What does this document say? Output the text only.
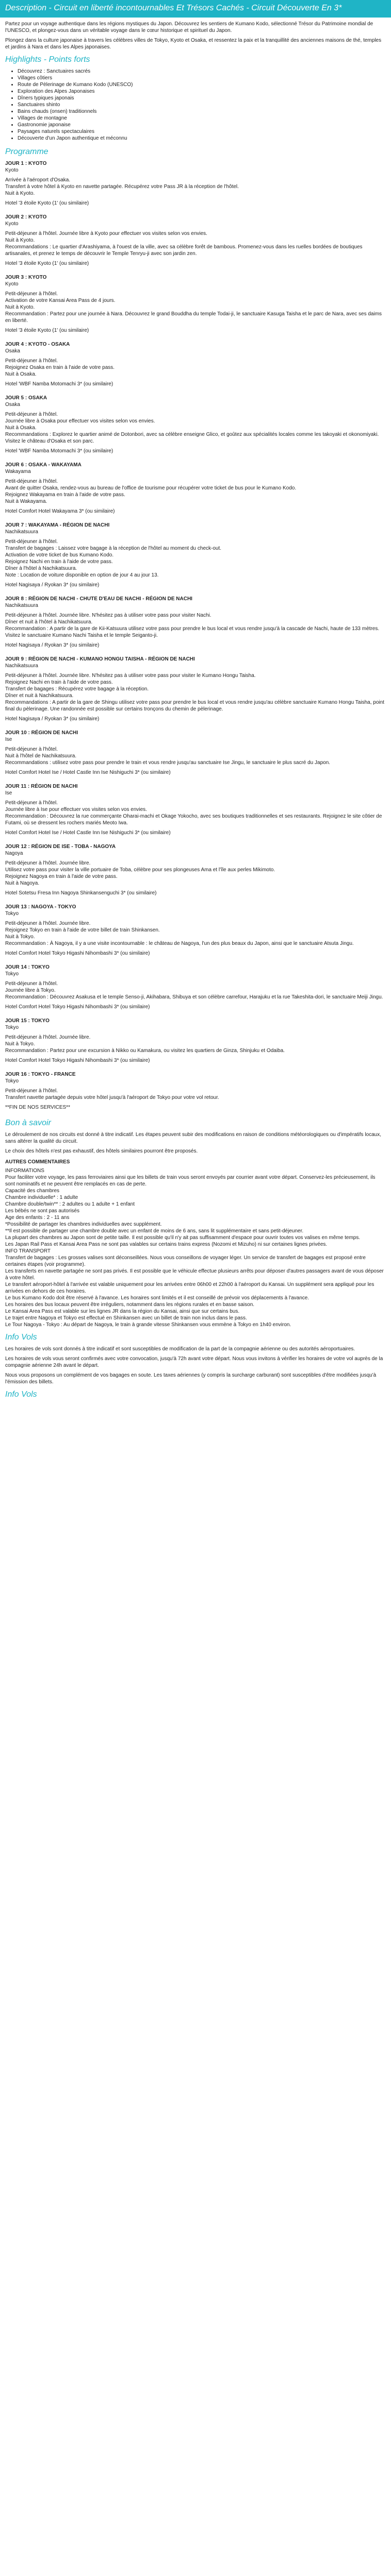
Description - Circuit en liberté incontournables Et Trésors Cachés - Circuit Découverte En 3*

Partez pour un voyage authentique dans les régions mystiques du Japon. Découvrez les sentiers de Kumano Kodo, sélectionné Trésor du Patrimoine mondial de l'UNESCO, et plongez-vous dans un véritable voyage dans le cœur historique et spirituel du Japon.

Plongez dans la culture japonaise à travers les célèbres villes de Tokyo, Kyoto et Osaka, et ressentez la paix et la tranquillité des anciennes maisons de thé, temples et jardins à Nara et dans les Alpes japonaises.

Highlights - Points forts
• Découvrez : Sanctuaires sacrés
• Villages côtiers
• Route de Pèlerinage de Kumano Kodo (UNESCO)
• Exploration des Alpes Japonaises
• Dîners typiques japonais
• Sanctuaires shinto
• Bains chauds (onsen) traditionnels
• Villages de montagne
• Gastronomie japonaise
• Paysages naturels spectaculaires
• Découverte d'un Japon authentique et méconnu
Programme

JOUR 1 : KYOTO

Kyoto

Arrivée à l'aéroport d'Osaka.

Transfert à votre hôtel à Kyoto en navette partagée. Récupérez votre Pass JR à la réception de l'hôtel.

Nuit à Kyoto.

Hotel '3 étoile Kyoto (1' (ou similaire)

JOUR 2 : KYOTO

Kyoto

Petit-déjeuner à l'hôtel. Journée libre à Kyoto pour effectuer vos visites selon vos envies.

Nuit à Kyoto.

Recommandations : Le quartier d'Arashiyama, à l'ouest de la ville, avec sa célèbre forêt de bambous. Promenez-vous dans les ruelles bordées de boutiques artisanales, et prenez le temps de découvrir le Temple Tenryu-ji avec son jardin zen.

Hotel '3 étoile Kyoto (1' (ou similaire)

JOUR 3 : KYOTO

Kyoto

Petit-déjeuner à l'hôtel.

Activation de votre Kansai Area Pass de 4 jours.

Nuit à Kyoto.

Recommandation : Partez pour une journée à Nara. Découvrez le grand Bouddha du temple Todai-ji, le sanctuaire Kasuga Taisha et le parc de Nara, avec ses daims en liberté.

Hotel '3 étoile Kyoto (1' (ou similaire)

JOUR 4 : KYOTO - OSAKA

Osaka

Petit-déjeuner à l'hôtel.

Rejoignez Osaka en train à l'aide de votre pass.

Nuit à Osaka.

Hotel 'WBF Namba Motomachi 3* (ou similaire)

JOUR 5 : OSAKA

Osaka

Petit-déjeuner à l'hôtel.

Journée libre à Osaka pour effectuer vos visites selon vos envies.

Nuit à Osaka.

Recommandations : Explorez le quartier animé de Dotonbori, avec sa célèbre enseigne Glico, et goûtez aux spécialités locales comme les takoyaki et okonomiyaki. Visitez le château d'Osaka et son parc.

Hotel 'WBF Namba Motomachi 3* (ou similaire)

JOUR 6 : OSAKA - WAKAYAMA

Wakayama

Petit-déjeuner à l'hôtel.

Avant de quitter Osaka, rendez-vous au bureau de l'office de tourisme pour récupérer votre ticket de bus pour le Kumano Kodo.

Rejoignez Wakayama en train à l'aide de votre pass.

Nuit à Wakayama.

Hotel Comfort Hotel Wakayama 3* (ou similaire)

JOUR 7 : WAKAYAMA - RÉGION DE NACHI

Nachikatsuura

Petit-déjeuner à l'hôtel.

Transfert de bagages : Laissez votre bagage à la réception de l'hôtel au moment du check-out.

Activation de votre ticket de bus Kumano Kodo.

Rejoignez Nachi en train à l'aide de votre pass.

Dîner à l'hôtel à Nachikatsuura.

Note : Location de voiture disponible en option de jour 4 au jour 13.

Hotel Nagisaya / Ryokan 3* (ou similaire)

JOUR 8 : RÉGION DE NACHI - CHUTE D'EAU DE NACHI - RÉGION DE NACHI

Nachikatsuura

Petit-déjeuner à l'hôtel. Journée libre. N'hésitez pas à utiliser votre pass pour visiter Nachi.

Dîner et nuit à l'hôtel à Nachikatsuura.

Recommandation : A partir de la gare de Kii-Katsuura utilisez votre pass pour prendre le bus local et vous rendre jusqu'à la cascade de Nachi, haute de 133 mètres. Visitez le sanctuaire Kumano Nachi Taisha et le temple Seiganto-ji.

Hotel Nagisaya / Ryokan 3* (ou similaire)

JOUR 9 : RÉGION DE NACHI - KUMANO HONGU TAISHA - RÉGION DE NACHI

Nachikatsuura

Petit-déjeuner à l'hôtel. Journée libre. N'hésitez pas à utiliser votre pass pour visiter le Kumano Hongu Taisha.

Rejoignez Nachi en train à l'aide de votre pass.

Transfert de bagages : Récupérez votre bagage à la réception.

Dîner et nuit à Nachikatsuura.

Recommandations : A partir de la gare de Shingu utilisez votre pass pour prendre le bus local et vous rendre jusqu'au célèbre sanctuaire Kumano Hongu Taisha, point final du pèlerinage. Une randonnée est possible sur certains tronçons du chemin de pèlerinage.

Hotel Nagisaya / Ryokan 3* (ou similaire)

JOUR 10 : RÉGION DE NACHI

Ise

Petit-déjeuner à l'hôtel.

Nuit à l'hôtel de Nachikatsuura.

Recommandations : utilisez votre pass pour prendre le train et vous rendre jusqu'au sanctuaire Ise Jingu, le sanctuaire le plus sacré du Japon.

Hotel Comfort Hotel Ise / Hotel Castle Inn Ise Nishiguchi 3* (ou similaire)

JOUR 11 : RÉGION DE NACHI

Ise

Petit-déjeuner à l'hôtel.

Journée libre à Ise pour effectuer vos visites selon vos envies.

Recommandation : Découvrez la rue commerçante Oharai-machi et Okage Yokocho, avec ses boutiques traditionnelles et ses restaurants. Rejoignez le site côtier de Futami, où se dressent les rochers mariés Meoto Iwa.

Hotel Comfort Hotel Ise / Hotel Castle Inn Ise Nishiguchi 3* (ou similaire)

JOUR 12 : RÉGION DE ISE - TOBA - NAGOYA

Nagoya

Petit-déjeuner à l'hôtel. Journée libre.

Utilisez votre pass pour visiter la ville portuaire de Toba, célèbre pour ses plongeuses Ama et l'île aux perles Mikimoto.

Rejoignez Nagoya en train à l'aide de votre pass.

Nuit à Nagoya.

Hotel Sotetsu Fresa Inn Nagoya Shinkansenguchi 3* (ou similaire)

JOUR 13 : NAGOYA - TOKYO

Tokyo

Petit-déjeuner à l'hôtel. Journée libre.

Rejoignez Tokyo en train à l'aide de votre billet de train Shinkansen.

Nuit à Tokyo.

Recommandation : À Nagoya, il y a une visite incontournable : le château de Nagoya, l'un des plus beaux du Japon, ainsi que le sanctuaire Atsuta Jingu.

Hotel Comfort Hotel Tokyo Higashi Nihombashi 3* (ou similaire)

JOUR 14 : TOKYO

Tokyo

Petit-déjeuner à l'hôtel.

Journée libre à Tokyo.

Recommandation : Découvrez Asakusa et le temple Senso-ji, Akihabara, Shibuya et son célèbre carrefour, Harajuku et la rue Takeshita-dori, le sanctuaire Meiji Jingu.

Hotel Comfort Hotel Tokyo Higashi Nihombashi 3* (ou similaire)

JOUR 15 : TOKYO

Tokyo

Petit-déjeuner à l'hôtel. Journée libre.

Nuit à Tokyo.

Recommandation : Partez pour une excursion à Nikko ou Kamakura, ou visitez les quartiers de Ginza, Shinjuku et Odaiba.

Hotel Comfort Hotel Tokyo Higashi Nihombashi 3* (ou similaire)

JOUR 16 : TOKYO - FRANCE

Tokyo

Petit-déjeuner à l'hôtel.

Transfert navette partagée depuis votre hôtel jusqu'à l'aéroport de Tokyo pour votre vol retour.

**FIN DE NOS SERVICES**

Bon à savoir

Le déroulement de nos circuits est donné à titre indicatif. Les étapes peuvent subir des modifications en raison de conditions météorologiques ou d'impératifs locaux, sans altérer la qualité du circuit.

Le choix des hôtels n'est pas exhaustif, des hôtels similaires pourront être proposés.

AUTRES COMMENTAIRES

INFORMATIONS

Pour faciliter votre voyage, les pass ferroviaires ainsi que les billets de train vous seront envoyés par courrier avant votre départ. Conservez-les précieusement, ils sont nominatifs et ne peuvent être remplacés en cas de perte.

Capacité des chambres

Chambre individuelle* : 1 adulte

Chambre double/twin** : 2 adultes ou 1 adulte + 1 enfant

Les bébés ne sont pas autorisés

Age des enfants : 2 - 11 ans

*Possibilité de partager les chambres individuelles avec supplément.

**Il est possible de partager une chambre double avec un enfant de moins de 6 ans, sans lit supplémentaire et sans petit-déjeuner.

La plupart des chambres au Japon sont de petite taille. Il est possible qu'il n'y ait pas suffisamment d'espace pour ouvrir toutes vos valises en même temps.

Les Japan Rail Pass et Kansai Area Pass ne sont pas valables sur certains trains express (Nozomi et Mizuho) ni sur certaines lignes privées.

INFO TRANSPORT

Transfert de bagages : Les grosses valises sont déconseillées. Nous vous conseillons de voyager léger. Un service de transfert de bagages est proposé entre certaines étapes (voir programme).

Les transferts en navette partagée ne sont pas privés. Il est possible que le véhicule effectue plusieurs arrêts pour déposer d'autres passagers avant de vous déposer à votre hôtel.

Le transfert aéroport-hôtel à l'arrivée est valable uniquement pour les arrivées entre 06h00 et 22h00 à l'aéroport du Kansai. Un supplément sera appliqué pour les arrivées en dehors de ces horaires.

Le bus Kumano Kodo doit être réservé à l'avance. Les horaires sont limités et il est conseillé de prévoir vos déplacements à l'avance.

Les horaires des bus locaux peuvent être irréguliers, notamment dans les régions rurales et en basse saison.

Le Kansai Area Pass est valable sur les lignes JR dans la région du Kansai, ainsi que sur certains bus.

Le trajet entre Nagoya et Tokyo est effectué en Shinkansen avec un billet de train non inclus dans le pass.

Le Tour Nagoya - Tokyo : Au départ de Nagoya, le train à grande vitesse Shinkansen vous emmène à Tokyo en 1h40 environ.

Info Vols

Les horaires de vols sont donnés à titre indicatif et sont susceptibles de modification de la part de la compagnie aérienne ou des autorités aéroportuaires.

Les horaires de vols vous seront confirmés avec votre convocation, jusqu'à 72h avant votre départ. Nous vous invitons à vérifier les horaires de votre vol auprès de la compagnie aérienne 24h avant le départ.

Nous vous proposons un complément de vos bagages en soute. Les taxes aériennes (y compris la surcharge carburant) sont susceptibles d'être modifiées jusqu'à l'émission des billets.

Info Vols
